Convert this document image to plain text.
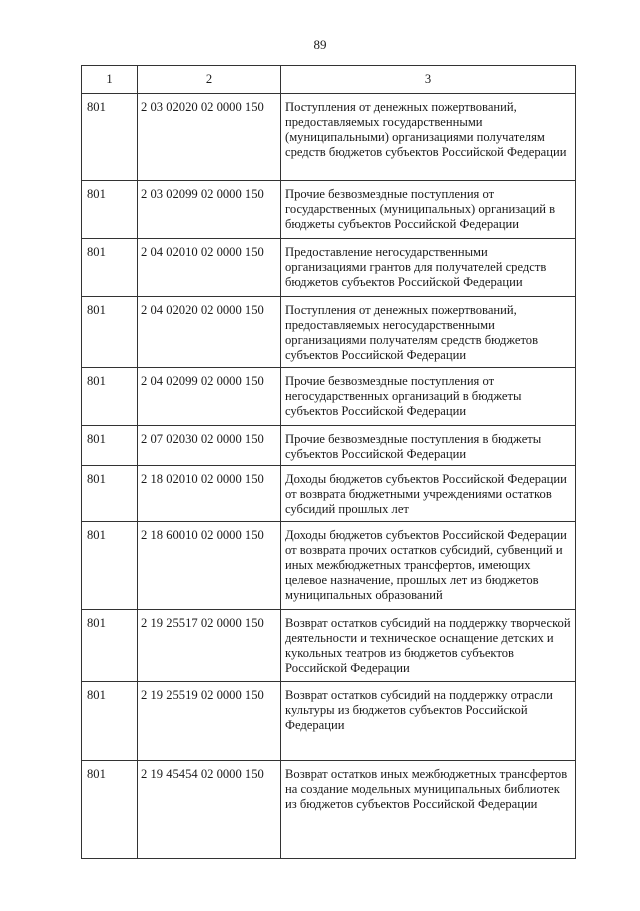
89
1	2	3
801	2 03 02020 02 0000 150	Поступления от денежных пожертвований, предоставляемых государственными (муниципальными) организациями получателям средств бюджетов субъектов Российской Федерации
801	2 03 02099 02 0000 150	Прочие безвозмездные поступления от государственных (муниципальных) организаций в бюджеты субъектов Российской Федерации
801	2 04 02010 02 0000 150	Предоставление негосударственными организациями грантов для получателей средств бюджетов субъектов Российской Федерации
801	2 04 02020 02 0000 150	Поступления от денежных пожертвований, предоставляемых негосударственными организациями получателям средств бюджетов субъектов Российской Федерации
801	2 04 02099 02 0000 150	Прочие безвозмездные поступления от негосударственных организаций в бюджеты субъектов Российской Федерации
801	2 07 02030 02 0000 150	Прочие безвозмездные поступления в бюджеты субъектов Российской Федерации
801	2 18 02010 02 0000 150	Доходы бюджетов субъектов Российской Федерации от возврата бюджетными учреждениями остатков субсидий прошлых лет
801	2 18 60010 02 0000 150	Доходы бюджетов субъектов Российской Федерации от возврата прочих остатков субсидий, субвенций и иных межбюджетных трансфертов, имеющих целевое назначение, прошлых лет из бюджетов муниципальных образований
801	2 19 25517 02 0000 150	Возврат остатков субсидий на поддержку творческой деятельности и техническое оснащение детских и кукольных театров из бюджетов субъектов Российской Федерации
801	2 19 25519 02 0000 150	Возврат остатков субсидий на поддержку отрасли культуры из бюджетов субъектов Российской Федерации
801	2 19 45454 02 0000 150	Возврат остатков иных межбюджетных трансфертов на создание модельных муниципальных библиотек из бюджетов субъектов Российской Федерации
